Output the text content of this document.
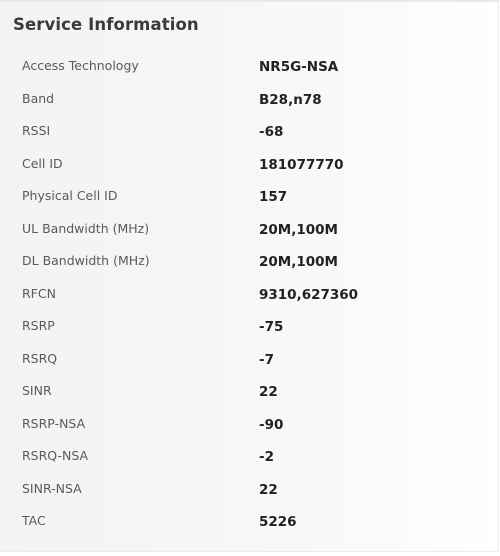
Service Information
Access Technology	NR5G-NSA
Band	B28,n78
RSSI	-68
Cell ID	181077770
Physical Cell ID	157
UL Bandwidth (MHz)	20M,100M
DL Bandwidth (MHz)	20M,100M
RFCN	9310,627360
RSRP	-75
RSRQ	-7
SINR	22
RSRP-NSA	-90
RSRQ-NSA	-2
SINR-NSA	22
TAC	5226
